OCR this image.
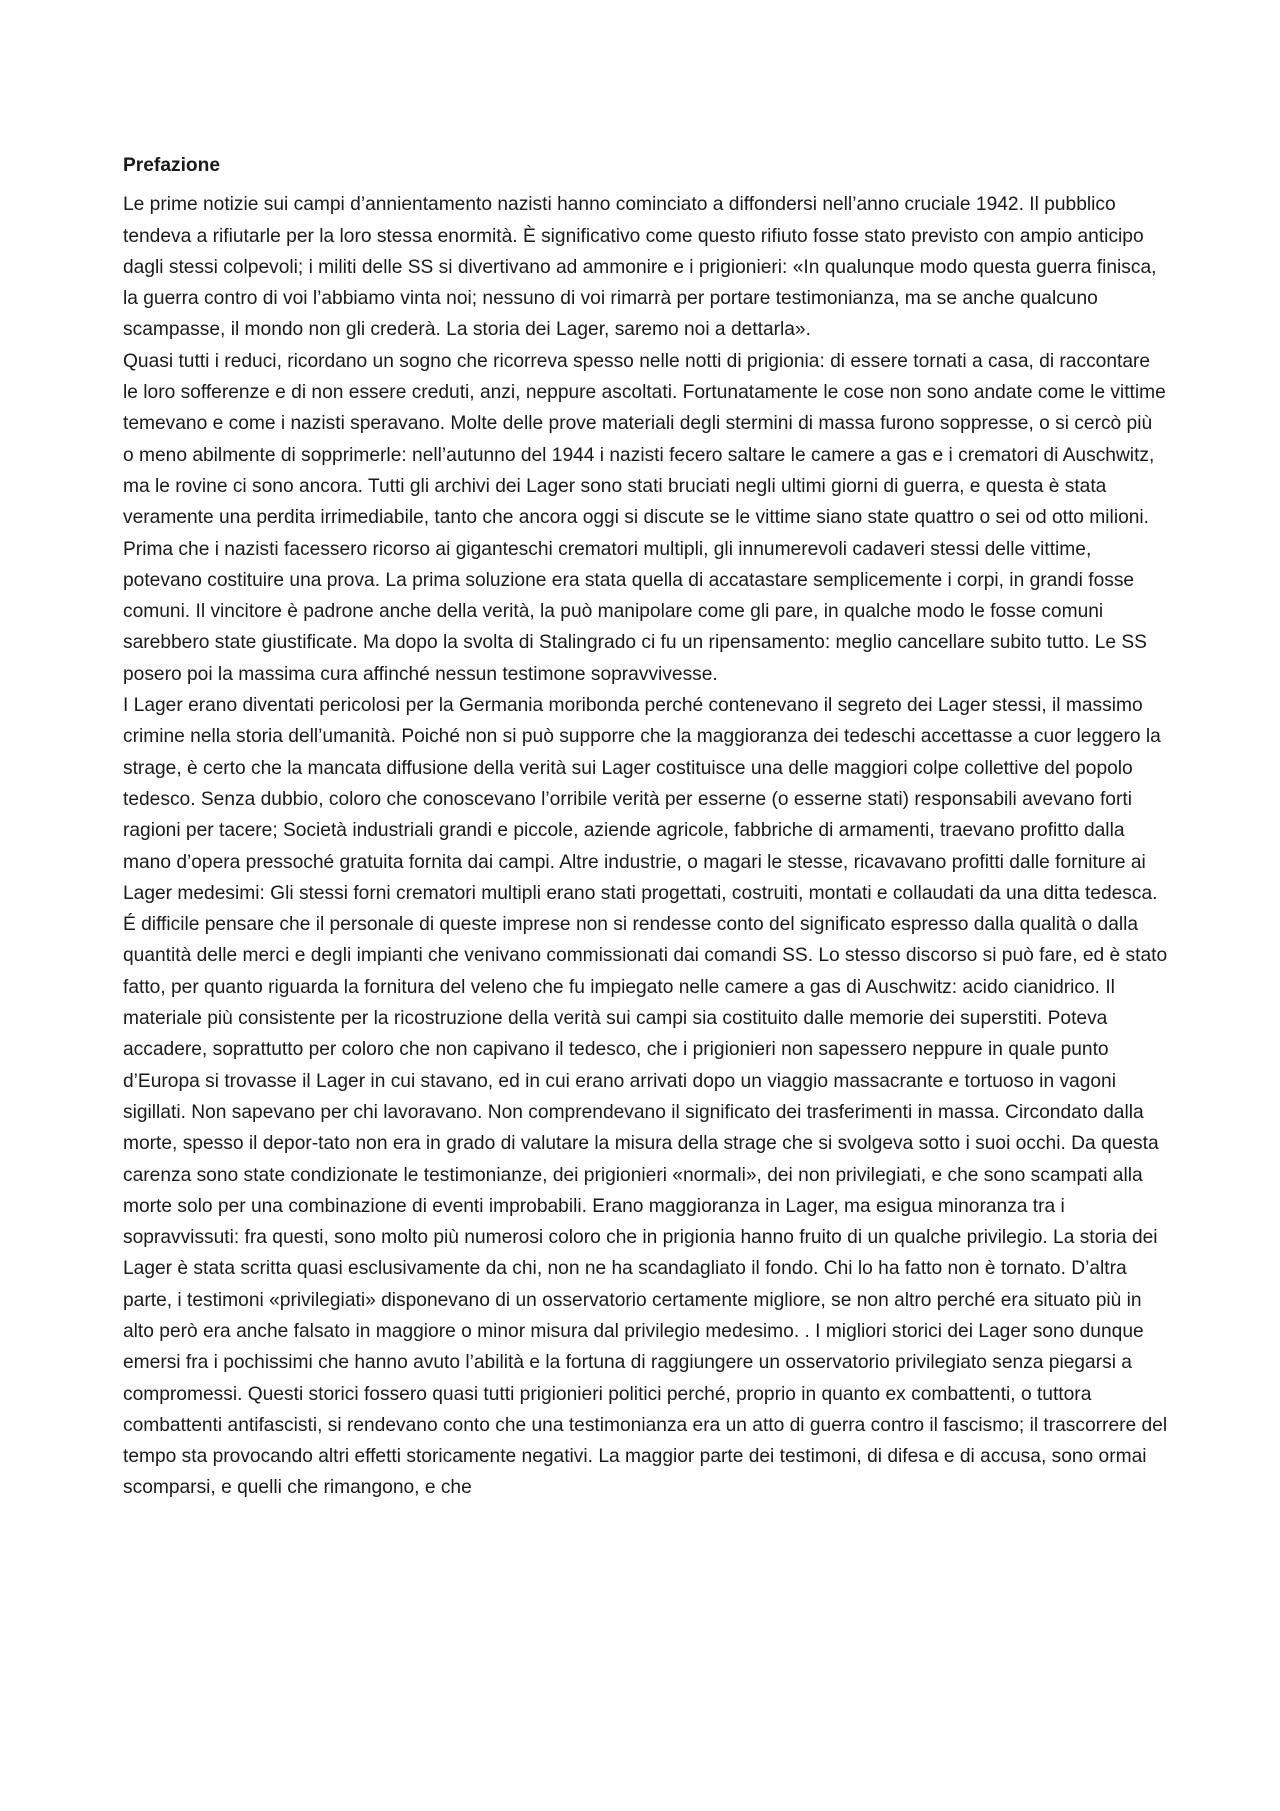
Prefazione

Le prime notizie sui campi d’annientamento nazisti hanno cominciato a diffondersi nell’anno cruciale 1942. Il pubblico tendeva a rifiutarle per la loro stessa enormità. È significativo come questo rifiuto fosse stato previsto con ampio anticipo dagli stessi colpevoli; i militi delle SS si divertivano ad ammonire e i prigionieri: «In qualunque modo questa guerra finisca, la guerra contro di voi l’abbiamo vinta noi; nessuno di voi rimarrà per portare testimonianza, ma se anche qualcuno scampasse, il mondo non gli crederà. La storia dei Lager, saremo noi a dettarla».

Quasi tutti i reduci, ricordano un sogno che ricorreva spesso nelle notti di prigionia: di essere tornati a casa, di raccontare le loro sofferenze e di non essere creduti, anzi, neppure ascoltati. Fortunatamente le cose non sono andate come le vittime temevano e come i nazisti speravano. Molte delle prove materiali degli stermini di massa furono soppresse, o si cercò più o meno abilmente di sopprimerle: nell’autunno del 1944 i nazisti fecero saltare le camere a gas e i crematori di Auschwitz, ma le rovine ci sono ancora. Tutti gli archivi dei Lager sono stati bruciati negli ultimi giorni di guerra, e questa è stata veramente una perdita irrimediabile, tanto che ancora oggi si discute se le vittime siano state quattro o sei od otto milioni. Prima che i nazisti facessero ricorso ai giganteschi crematori multipli, gli innumerevoli cadaveri stessi delle vittime, potevano costituire una prova. La prima soluzione era stata quella di accatastare semplicemente i corpi, in grandi fosse comuni. Il vincitore è padrone anche della verità, la può manipolare come gli pare, in qualche modo le fosse comuni sarebbero state giustificate. Ma dopo la svolta di Stalingrado ci fu un ripensamento: meglio cancellare subito tutto. Le SS posero poi la massima cura affinché nessun testimone sopravvivesse.

I Lager erano diventati pericolosi per la Germania moribonda perché contenevano il segreto dei Lager stessi, il massimo crimine nella storia dell’umanità. Poiché non si può supporre che la maggioranza dei tedeschi accettasse a cuor leggero la strage, è certo che la mancata diffusione della verità sui Lager costituisce una delle maggiori colpe collettive del popolo tedesco. Senza dubbio, coloro che conoscevano l’orribile verità per esserne (o esserne stati) responsabili avevano forti ragioni per tacere; Società industriali grandi e piccole, aziende agricole, fabbriche di armamenti, traevano profitto dalla mano d’opera pressoché gratuita fornita dai campi. Altre industrie, o magari le stesse, ricavavano profitti dalle forniture ai Lager medesimi: Gli stessi forni crematori multipli erano stati progettati, costruiti, montati e collaudati da una ditta tedesca. É difficile pensare che il personale di queste imprese non si rendesse conto del significato espresso dalla qualità o dalla quantità delle merci e degli impianti che venivano commissionati dai comandi SS. Lo stesso discorso si può fare, ed è stato fatto, per quanto riguarda la fornitura del veleno che fu impiegato nelle camere a gas di Auschwitz: acido cianidrico. Il materiale più consistente per la ricostruzione della verità sui campi sia costituito dalle memorie dei superstiti. Poteva accadere, soprattutto per coloro che non capivano il tedesco, che i prigionieri non sapessero neppure in quale punto d’Europa si trovasse il Lager in cui stavano, ed in cui erano arrivati dopo un viaggio massacrante e tortuoso in vagoni sigillati. Non sapevano per chi lavoravano. Non comprendevano il significato dei trasferimenti in massa. Circondato dalla morte, spesso il depor-tato non era in grado di valutare la misura della strage che si svolgeva sotto i suoi occhi. Da questa carenza sono state condizionate le testimonianze, dei prigionieri «normali», dei non privilegiati, e che sono scampati alla morte solo per una combinazione di eventi improbabili. Erano maggioranza in Lager, ma esigua minoranza tra i sopravvissuti: fra questi, sono molto più numerosi coloro che in prigionia hanno fruito di un qualche privilegio. La storia dei Lager è stata scritta quasi esclusivamente da chi, non ne ha scandagliato il fondo. Chi lo ha fatto non è tornato. D’altra parte, i testimoni «privilegiati» disponevano di un osservatorio certamente migliore, se non altro perché era situato più in alto però era anche falsato in maggiore o minor misura dal privilegio medesimo. . I migliori storici dei Lager sono dunque emersi fra i pochissimi che hanno avuto l’abilità e la fortuna di raggiungere un osservatorio privilegiato senza piegarsi a compromessi. Questi storici fossero quasi tutti prigionieri politici perché, proprio in quanto ex combattenti, o tuttora combattenti antifascisti, si rendevano conto che una testimonianza era un atto di guerra contro il fascismo; il trascorrere del tempo sta provocando altri effetti storicamente negativi. La maggior parte dei testimoni, di difesa e di accusa, sono ormai scomparsi, e quelli che rimangono, e che
